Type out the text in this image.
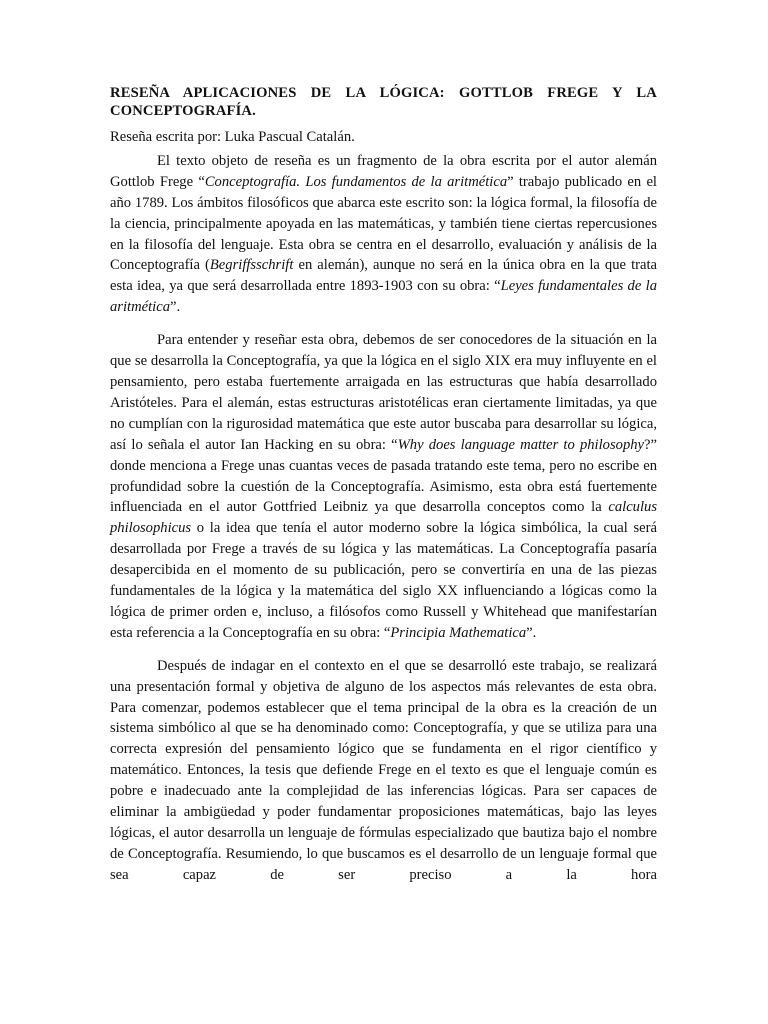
RESEÑA APLICACIONES DE LA LÓGICA: GOTTLOB FREGE Y LA CONCEPTOGRAFÍA.
Reseña escrita por: Luka Pascual Catalán.

El texto objeto de reseña es un fragmento de la obra escrita por el autor alemán Gottlob Frege “Conceptografía. Los fundamentos de la aritmética” trabajo publicado en el año 1789. Los ámbitos filosóficos que abarca este escrito son: la lógica formal, la filosofía de la ciencia, principalmente apoyada en las matemáticas, y también tiene ciertas repercusiones en la filosofía del lenguaje. Esta obra se centra en el desarrollo, evaluación y análisis de la Conceptografía (Begriffsschrift en alemán), aunque no será en la única obra en la que trata esta idea, ya que será desarrollada entre 1893-1903 con su obra: “Leyes fundamentales de la aritmética”.

Para entender y reseñar esta obra, debemos de ser conocedores de la situación en la que se desarrolla la Conceptografía, ya que la lógica en el siglo XIX era muy influyente en el pensamiento, pero estaba fuertemente arraigada en las estructuras que había desarrollado Aristóteles. Para el alemán, estas estructuras aristotélicas eran ciertamente limitadas, ya que no cumplían con la rigurosidad matemática que este autor buscaba para desarrollar su lógica, así lo señala el autor Ian Hacking en su obra: “Why does language matter to philosophy?” donde menciona a Frege unas cuantas veces de pasada tratando este tema, pero no escribe en profundidad sobre la cuestión de la Conceptografía. Asimismo, esta obra está fuertemente influenciada en el autor Gottfried Leibniz ya que desarrolla conceptos como la calculus philosophicus o la idea que tenía el autor moderno sobre la lógica simbólica, la cual será desarrollada por Frege a través de su lógica y las matemáticas. La Conceptografía pasaría desapercibida en el momento de su publicación, pero se convertiría en una de las piezas fundamentales de la lógica y la matemática del siglo XX influenciando a lógicas como la lógica de primer orden e, incluso, a filósofos como Russell y Whitehead que manifestarían esta referencia a la Conceptografía en su obra: “Principia Mathematica”.

Después de indagar en el contexto en el que se desarrolló este trabajo, se realizará una presentación formal y objetiva de alguno de los aspectos más relevantes de esta obra. Para comenzar, podemos establecer que el tema principal de la obra es la creación de un sistema simbólico al que se ha denominado como: Conceptografía, y que se utiliza para una correcta expresión del pensamiento lógico que se fundamenta en el rigor científico y matemático. Entonces, la tesis que defiende Frege en el texto es que el lenguaje común es pobre e inadecuado ante la complejidad de las inferencias lógicas. Para ser capaces de eliminar la ambigüedad y poder fundamentar proposiciones matemáticas, bajo las leyes lógicas, el autor desarrolla un lenguaje de fórmulas especializado que bautiza bajo el nombre de Conceptografía. Resumiendo, lo que buscamos es el desarrollo de un lenguaje formal que sea capaz de ser preciso a la hora
